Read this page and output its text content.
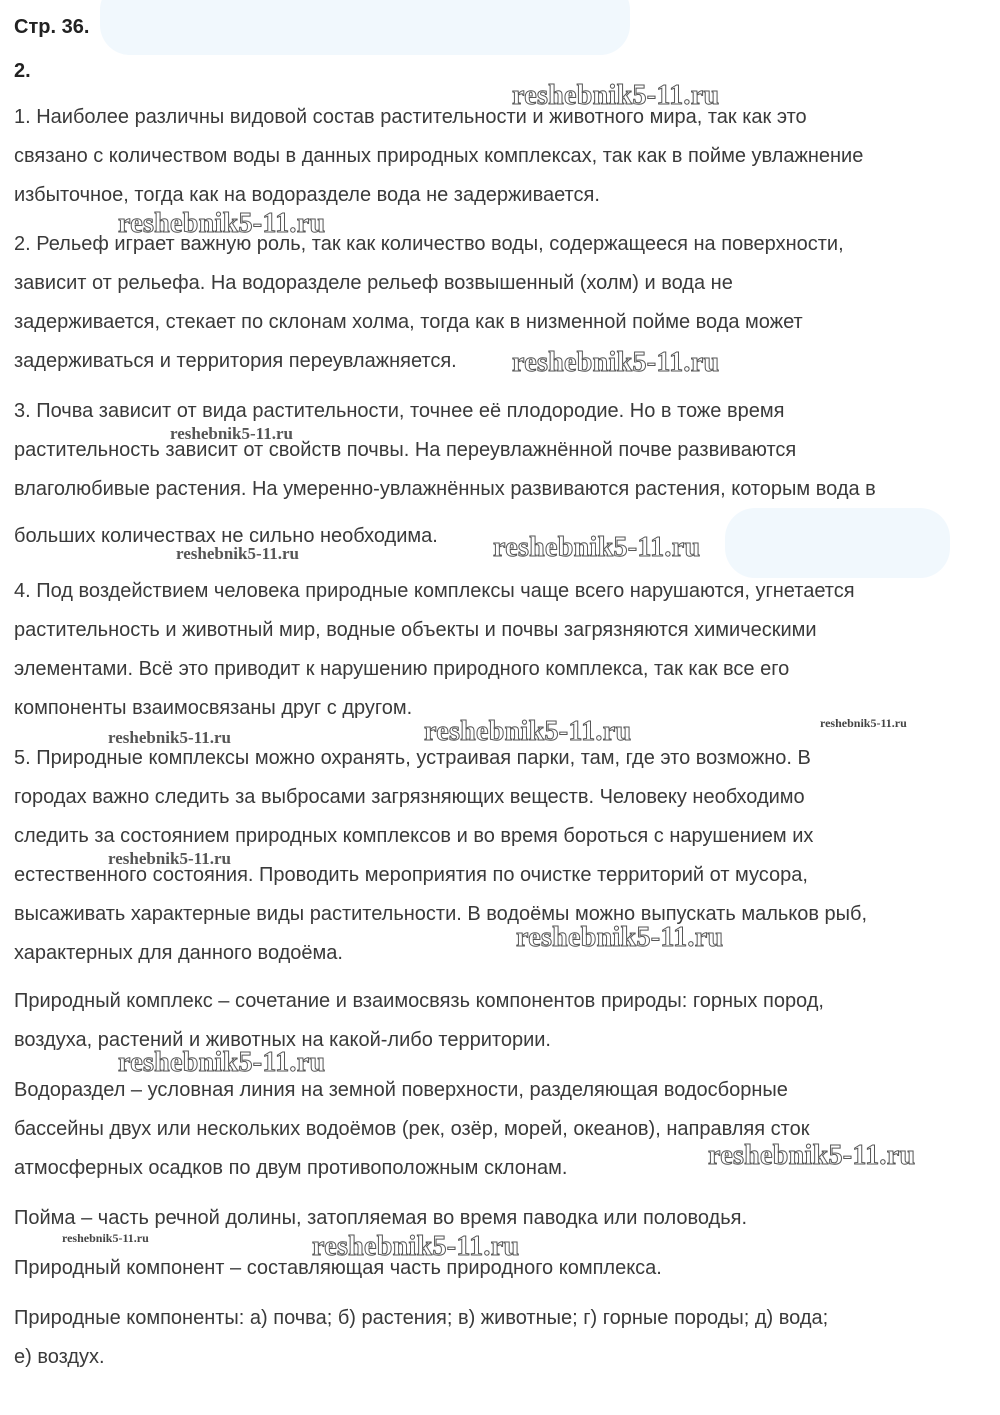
Стр. 36.
2.
1. Наиболее различны видовой состав растительности и животного мира, так как это
связано с количеством воды в данных природных комплексах, так как в пойме увлажнение
избыточное, тогда как на водоразделе вода не задерживается.
2. Рельеф играет важную роль, так как количество воды, содержащееся на поверхности,
зависит от рельефа. На водоразделе рельеф возвышенный (холм) и вода не
задерживается, стекает по склонам холма, тогда как в низменной пойме вода может
задерживаться и территория переувлажняется.
3. Почва зависит от вида растительности, точнее её плодородие. Но в тоже время
растительность зависит от свойств почвы. На переувлажнённой почве развиваются
влаголюбивые растения. На умеренно-увлажнённых развиваются растения, которым вода в
больших количествах не сильно необходима.
4. Под воздействием человека природные комплексы чаще всего нарушаются, угнетается
растительность и животный мир, водные объекты и почвы загрязняются химическими
элементами. Всё это приводит к нарушению природного комплекса, так как все его
компоненты взаимосвязаны друг с другом.
5. Природные комплексы можно охранять, устраивая парки, там, где это возможно. В
городах важно следить за выбросами загрязняющих веществ. Человеку необходимо
следить за состоянием природных комплексов и во время бороться с нарушением их
естественного состояния. Проводить мероприятия по очистке территорий от мусора,
высаживать характерные виды растительности. В водоёмы можно выпускать мальков рыб,
характерных для данного водоёма.
Природный комплекс – сочетание и взаимосвязь компонентов природы: горных пород,
воздуха, растений и животных на какой-либо территории.
Водораздел – условная линия на земной поверхности, разделяющая водосборные
бассейны двух или нескольких водоёмов (рек, озёр, морей, океанов), направляя сток
атмосферных осадков по двум противоположным склонам.
Пойма – часть речной долины, затопляемая во время паводка или половодья.
Природный компонент – составляющая часть природного комплекса.
Природные компоненты: а) почва; б) растения; в) животные; г) горные породы; д) вода;
е) воздух.
reshebnik5-11.ru
reshebnik5-11.ru
reshebnik5-11.ru
reshebnik5-11.ru
reshebnik5-11.ru	reshebnik5-11.ru
reshebnik5-11.ru	reshebnik5-11.ru
reshebnik5-11.ru
reshebnik5-11.ru
reshebnik5-11.ru
reshebnik5-11.ru
reshebnik5-11.ru
reshebnik5-11.ru	reshebnik5-11.ru
